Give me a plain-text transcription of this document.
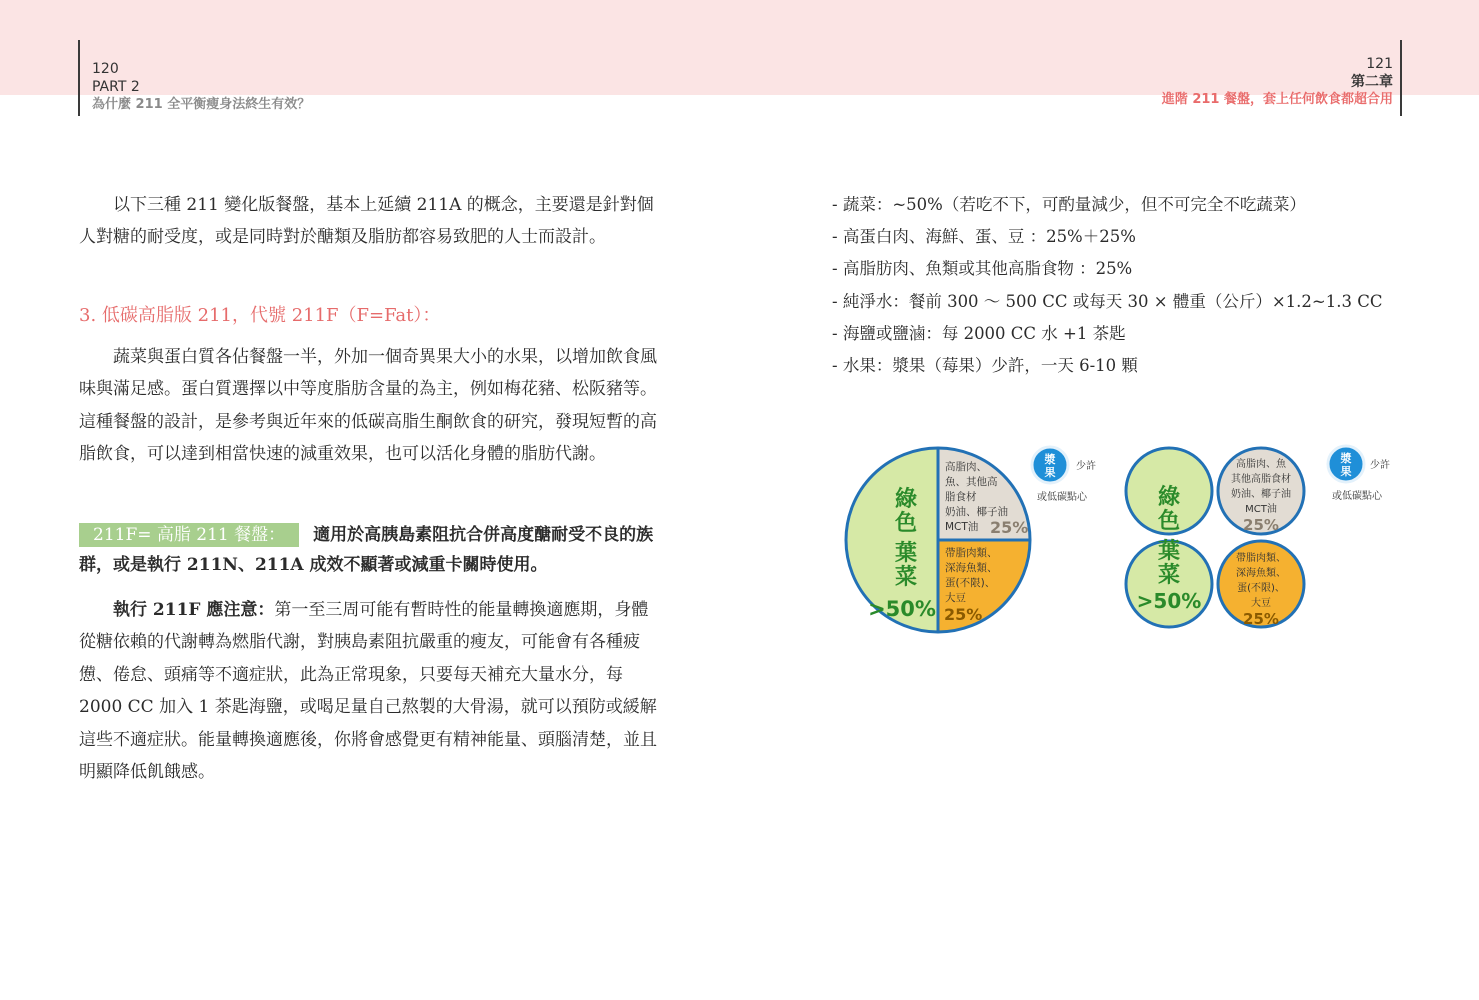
120
PART 2
為什麼 211 全平衡瘦身法終生有效？
121
第二章
進階 211 餐盤，套上任何飲食都超合用

以下三種 211 變化版餐盤，基本上延續 211A 的概念，主要還是針對個人對糖的耐受度，或是同時對於醣類及脂肪都容易致肥的人士而設計。

3. 低碳高脂版 211，代號 211F（F=Fat）：

蔬菜與蛋白質各佔餐盤一半，外加一個奇異果大小的水果，以增加飲食風味與滿足感。蛋白質選擇以中等度脂肪含量的為主，例如梅花豬、松阪豬等。這種餐盤的設計，是參考與近年來的低碳高脂生酮飲食的研究，發現短暫的高脂飲食，可以達到相當快速的減重效果，也可以活化身體的脂肪代謝。

211F= 高脂 211 餐盤： 適用於高胰島素阻抗合併高度醣耐受不良的族群，或是執行 211N、211A 成效不顯著或減重卡關時使用。

執行 211F 應注意：第一至三周可能有暫時性的能量轉換適應期，身體從糖依賴的代謝轉為燃脂代謝，對胰島素阻抗嚴重的瘦友，可能會有各種疲憊、倦怠、頭痛等不適症狀，此為正常現象，只要每天補充大量水分，每 2000 CC 加入 1 茶匙海鹽，或喝足量自己熬製的大骨湯，就可以預防或緩解這些不適症狀。能量轉換適應後，你將會感覺更有精神能量、頭腦清楚，並且明顯降低飢餓感。

- 蔬菜：~50%（若吃不下，可酌量減少，但不可完全不吃蔬菜）
- 高蛋白肉、海鮮、蛋、豆 ：25%＋25%
- 高脂肪肉、魚類或其他高脂食物 ：25%
- 純淨水：餐前 300 ～ 500 CC 或每天 30 × 體重（公斤）×1.2~1.3 CC
- 海鹽或鹽滷：每 2000 CC 水 +1 茶匙
- 水果：漿果（莓果）少許，一天 6-10 顆
綠
色
葉
菜
>50%
高脂肉、
魚、其他高
脂食材
奶油、椰子油
MCT油 25%
帶脂肉類、
深海魚類、
蛋(不限)、
大豆
25%
漿
果 少許
或低碳點心	綠
色
葉
菜
>50%
高脂肉、魚
其他高脂食材
奶油、椰子油
MCT油
25%
帶脂肉類、
深海魚類、
蛋(不限)、
大豆
25%
漿
果 少許
或低碳點心
